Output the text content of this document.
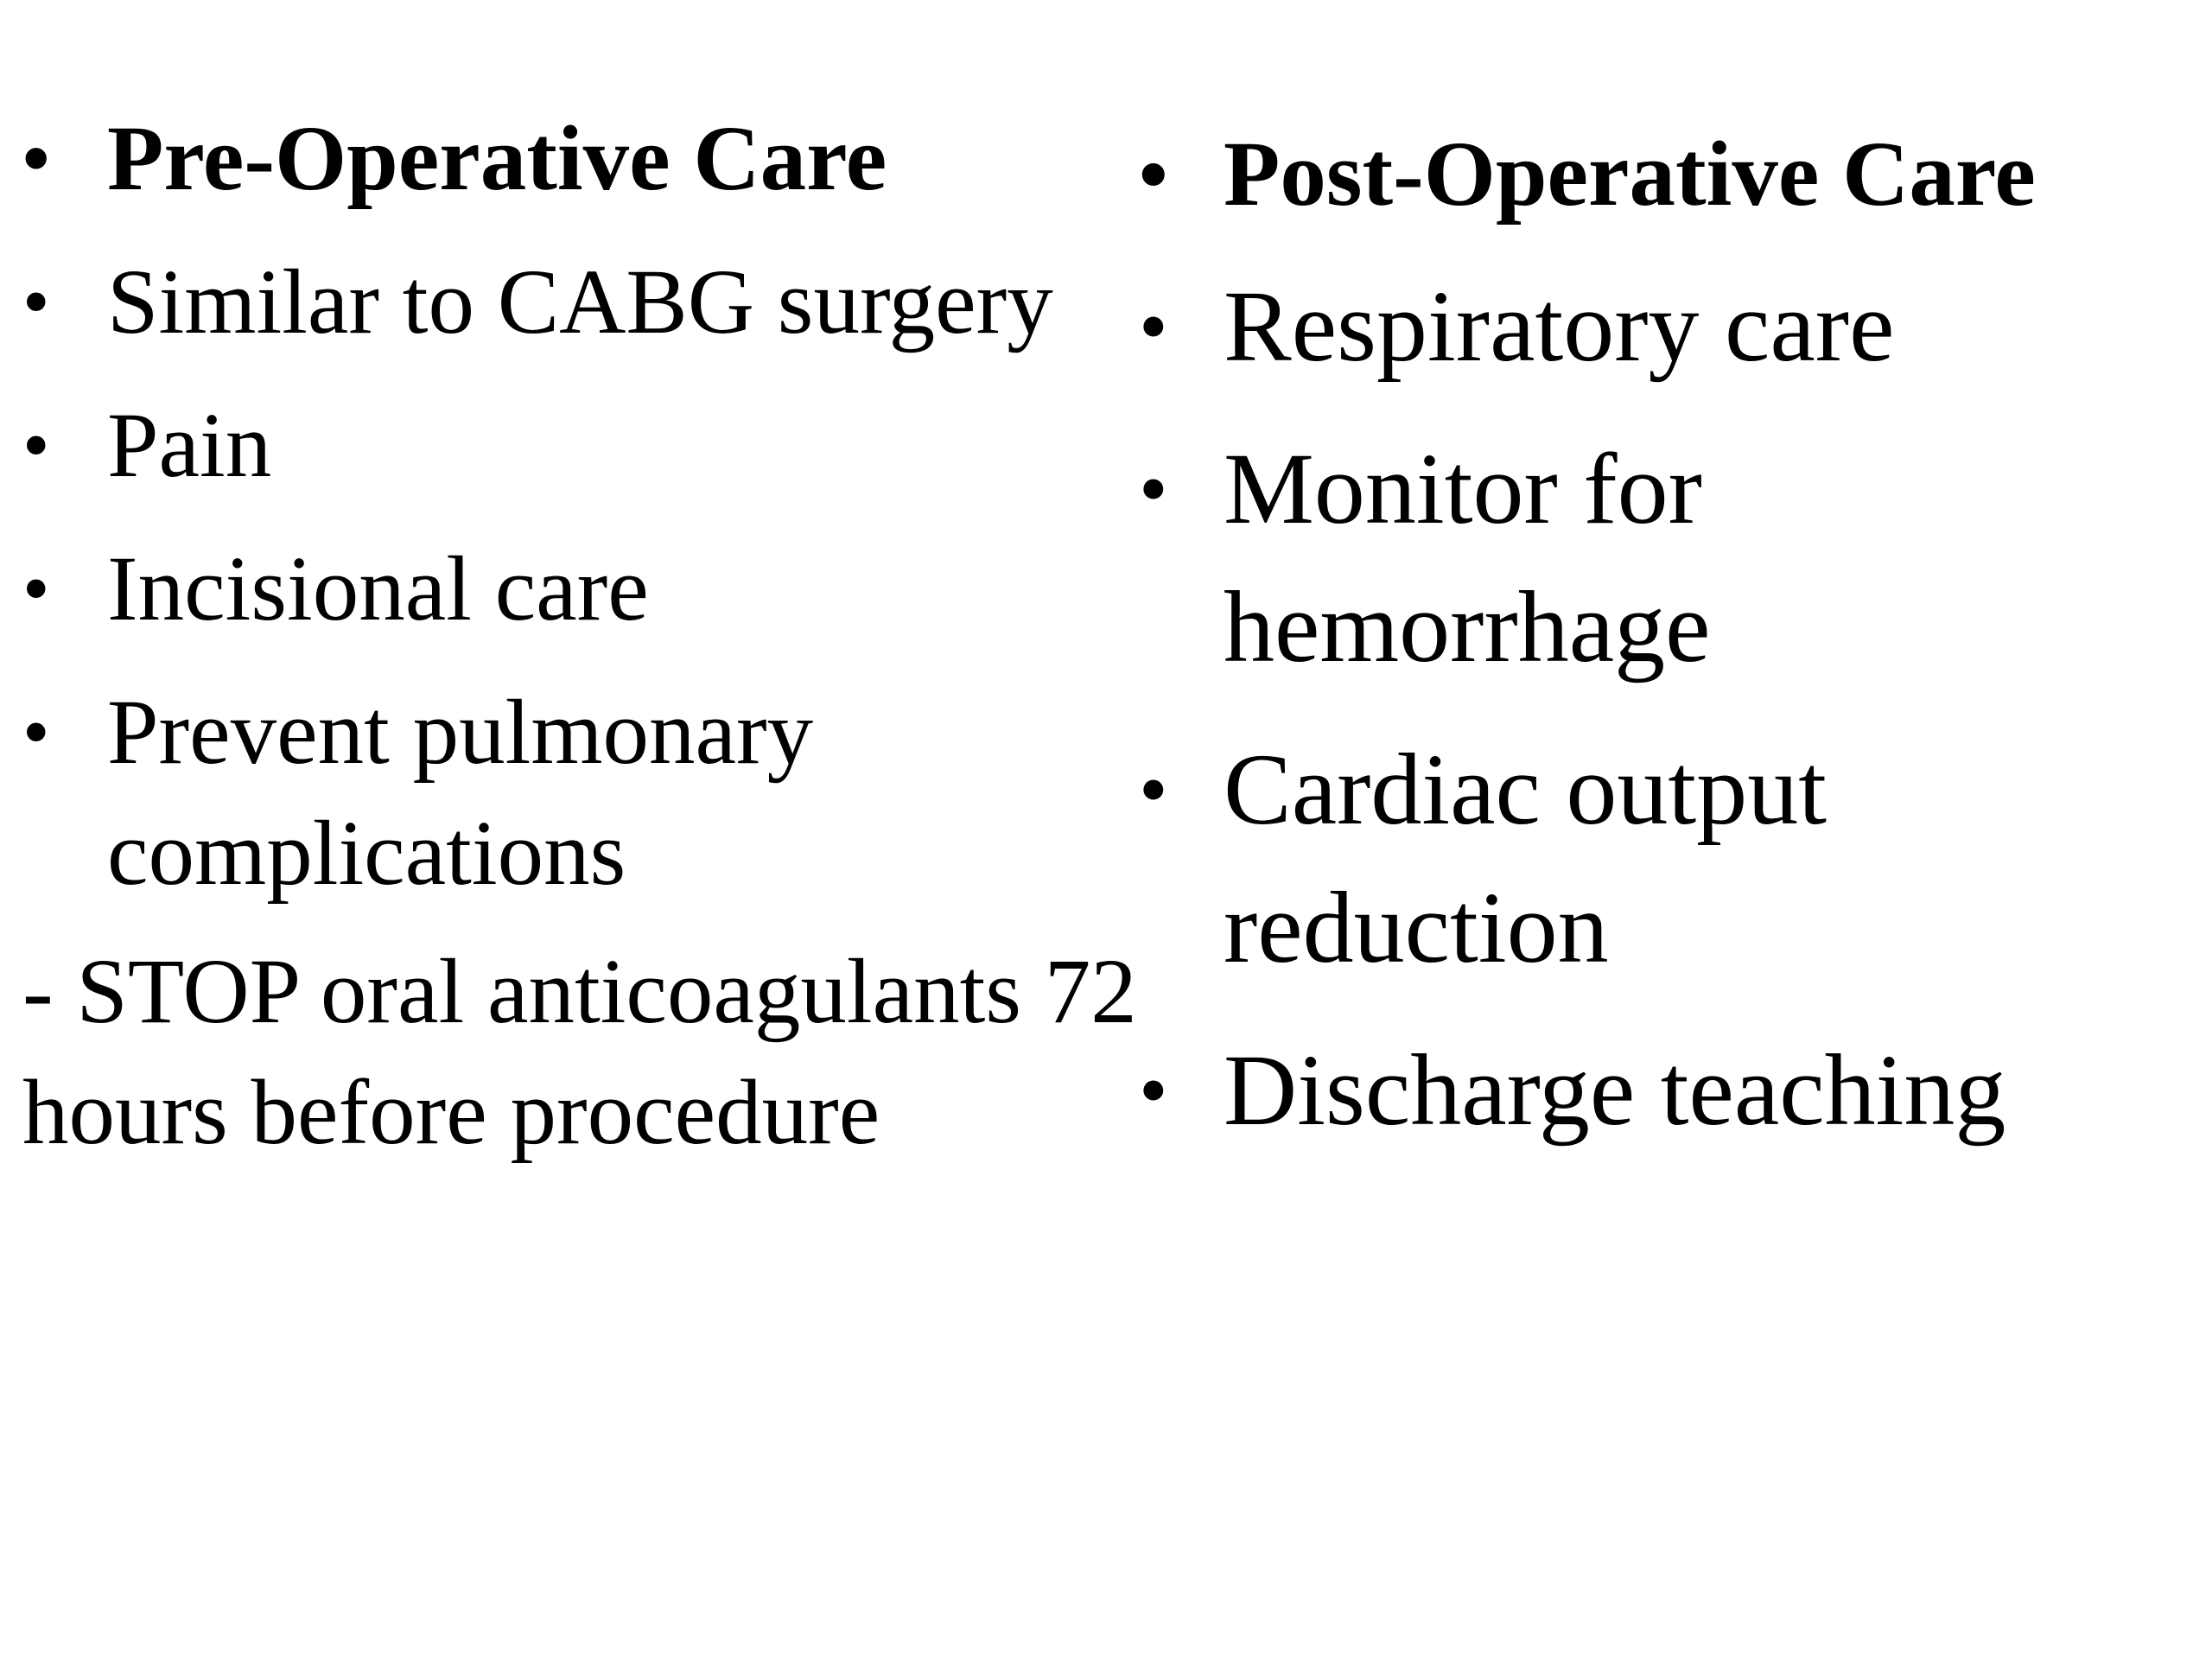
• Pre-Operative Care
• Similar to CABG surgery
• Pain
• Incisional care
• Prevent pulmonary complications
- STOP oral anticoagulants 72 hours before procedure
• Post-Operative Care
• Respiratory care
• Monitor for hemorrhage
• Cardiac output reduction
• Discharge teaching
